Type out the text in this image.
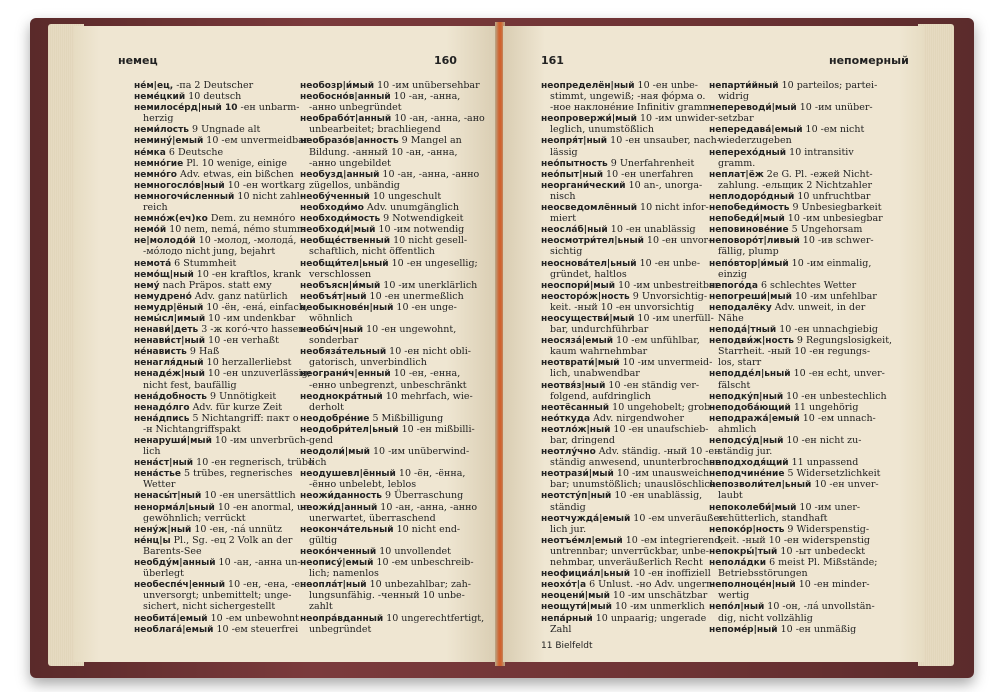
немец	160
не́м|ец, -па 2 Deutscher
неме́цкий 10 deutsch
немилосе́рд|ный 10 -ен unbarm-
herzig
неми́лость 9 Ungnade alt
немину́|емый 10 -ем unvermeidbar
не́мка 6 Deutsche
немно́гие Pl. 10 wenige, einige
немно́го Adv. etwas, ein bißchen
немногосло́в|ный 10 -ен wortkarg
немногочи́сленный 10 nicht zahl-
reich
немно́ж(еч)ко Dem. zu немно́го
немо́й 10 nem, nemá, némo stumm
не|молодо́й 10 -молод, -молодá,
-мо́лодо nicht jung, bejahrt
немота́ 6 Stummheit
немо́щ|ный 10 -ен kraftlos, krank
нему́ nach Präpos. statt ему
немудрено́ Adv. ganz natürlich
немудр|ёный 10 -ён, -енá, einfach,
немы́сл|имый 10 -им undenkbar
ненави́|деть 3 -ж кого́-что hassen
ненави́ст|ный 10 -ен verhaßt
не́нависть 9 Haß
ненагля́дный 10 herzallerliebst
ненаде́ж|ный 10 -ен unzuverlässig;
nicht fest, baufällig
нена́добность 9 Unnötigkeit
ненадо́лго Adv. für kurze Zeit
нена́дпись 5 Nichtangriff: пакт о
-н Nichtangriffspakt
ненаруши́|мый 10 -им unverbrüch-
lich
нена́ст|ный 10 -ен regnerisch, trübe
нена́стье 5 trübes, regnerisches
Wetter
ненасы́т|ный 10 -ен unersättlich
ненорма́л|ьный 10 -ен anormal, un-
gewöhnlich; verrückt
нену́ж|ный 10 -ен, -ná unnütz
не́нц|ы Pl., Sg. -ец 2 Volk an der
Barents-See
необду́м|анный 10 -ан, -анна un-
überlegt
необеспе́ч|енный 10 -ен, -ена, -ено
unversorgt; unbemittelt; unge-
sichert, nicht sichergestellt
необита́|емый 10 -ем unbewohnt
необлага́|емый 10 -ем steuerfrei
необозр|и́мый 10 -им unübersehbar
необосно́в|анный 10 -ан, -анна,
-анно unbegründet
необрабо́т|анный 10 -ан, -анна, -ано
unbearbeitet; brachliegend
необразо́в|анность 9 Mangel an
Bildung. -анный 10 -ан, -анна,
-анно ungebildet
необузд|анный 10 -ан, -анна, -анно
zügellos, unbändig
необу́ченный 10 ungeschult
необходи́мо Adv. unumgänglich
необходи́мость 9 Notwendigkeit
необходи́|мый 10 -им notwendig
необще́ственный 10 nicht gesell-
schaftlich, nicht öffentlich
необщи́тел|ьный 10 -ен ungesellig;
verschlossen
необъясн|и́мый 10 -им unerklärlich
необъя́т|ный 10 -ен unermeßlich
необыкнове́н|ный 10 -ен unge-
wöhnlich
необы́ч|ный 10 -ен ungewohnt,
sonderbar
необяза́тельный 10 -ен nicht obli-
gatorisch, unverbindlich
неограни́ч|енный 10 -ен, -енна,
-енно unbegrenzt, unbeschränkt
неоднокра́тный 10 mehrfach, wie-
derholt
неодобре́ние 5 Mißbilligung
неодобри́тел|ьный 10 -ен mißbilli-
gend
неодоли́|мый 10 -им unüberwind-
lich
неодушевл|ённый 10 -ён, -ённа,
-ённо unbelebt, leblos
неожи́данность 9 Überraschung
неожи́д|анный 10 -ан, -анна, -анно
unerwartet, überraschend
неоконча́тельный 10 nicht end-
gültig
неоко́нченный 10 unvollendet
неопису́|емый 10 -ем unbeschreib-
lich; namenlos
неопла́т|ный 10 unbezahlbar; zah-
lungsunfähig. -ченный 10 unbe-
zahlt
неопра́вданный 10 ungerechtfertigt,
unbegründet
161	непомерный
неопределён|ный 10 -ен unbe-
stimmt, ungewiß; -ная фо́рма o.
-ное наклоне́ние Infinitiv gramm.
неопровержи́|мый 10 -им unwider-
leglich, unumstößlich
неопря́т|ный 10 -ен unsauber, nach-
lässig
нео́пытность 9 Unerfahrenheit
нео́пыт|ный 10 -ен unerfahren
неоргани́ческий 10 an-, unorga-
nisch
неосведомлённый 10 nicht infor-
miert
неосла́б|ный 10 -ен unablässig
неосмотри́тел|ьный 10 -ен unvor-
sichtig
неоснова́тел|ьный 10 -ен unbe-
gründet, haltlos
неоспори́|мый 10 -им unbestreitbar
неосторо́ж|ность 9 Unvorsichtig-
keit. -ный 10 -ен unvorsichtig
неосуществи́|мый 10 -им unerfüll-
bar, undurchführbar
неосяза́|емый 10 -ем unfühlbar,
kaum wahrnehmbar
неотврати́|мый 10 -им unvermeid-
lich, unabwendbar
неотвя́з|ный 10 -ен ständig ver-
folgend, aufdringlich
неотёсанный 10 ungehobelt; grob
нео́ткуда Adv. nirgendwoher
неотло́ж|ный 10 -ен unaufschieb-
bar, dringend
неотлу́чно Adv. ständig. -ный 10 -ен
ständig anwesend, ununterbrochen
неотрази́|мый 10 -им unausweich-
bar; unumstößlich; unauslöschlich
неотсту́п|ный 10 -ен unablässig,
ständig
неотчужда́|емый 10 -ем unveräußer-
lich jur.
неотъе́мл|емый 10 -ем integrierend,
untrennbar; unverrückbar, unbe-
nehmbar, unveräußerlich Recht
неофициа́л|ьный 10 -ен inoffiziell
неохо́т|а 6 Unlust. -но Adv. ungern
неоцени́|мый 10 -им unschätzbar
неощути́|мый 10 -им unmerklich
непа́рный 10 unpaarig; ungerade
Zahl
непарти́йный 10 parteilos; partei-
widrig
непереводи́|мый 10 -им unüber-
setzbar
непередава́|емый 10 -ем nicht
wiederzugeben
неперехо́дный 10 intransitiv
gramm.
неплат|ёж 2e G. Pl. -ежей Nicht-
zahlung. -ельщик 2 Nichtzahler
неплодоро́дный 10 unfruchtbar
непобеди́мость 9 Unbesiegbarkeit
непобеди́|мый 10 -им unbesiegbar
неповинове́ние 5 Ungehorsam
неповоро́т|ливый 10 -ив schwer-
fällig, plump
непо́втор|и́мый 10 -им einmalig,
einzig
непого́да 6 schlechtes Wetter
непогреши́|мый 10 -им unfehlbar
неподалёку Adv. unweit, in der
Nähe
непода́|тный 10 -ен unnachgiebig
неподви́ж|ность 9 Regungslosigkeit,
Starrheit. -ный 10 -ен regungs-
los, starr
неподде́л|ьный 10 -ен echt, unver-
fälscht
неподку́п|ный 10 -ен unbestechlich
неподоба́ющий 11 ungehörig
неподража́|емый 10 -ем unnach-
ahmlich
неподсу́д|ный 10 -ен nicht zu-
ständig jur.
неподходя́щий 11 unpassend
неподчине́ние 5 Widersetzlichkeit
непозволи́тел|ьный 10 -ен unver-
laubt
непоколеби́|мый 10 -им uner-
schütterlich, standhaft
непоко́р|ность 9 Widerspenstig-
keit. -ный 10 -ен widerspenstig
непокры́|тый 10 -ыт unbedeckt
непола́дки 6 meist Pl. Mißstände;
Betriebsstörungen
неполноце́н|ный 10 -ен minder-
wertig
непо́л|ный 10 -он, -лá unvollstän-
dig, nicht vollzählig
непоме́р|ный 10 -ен unmäßig
11 Bielfeldt
